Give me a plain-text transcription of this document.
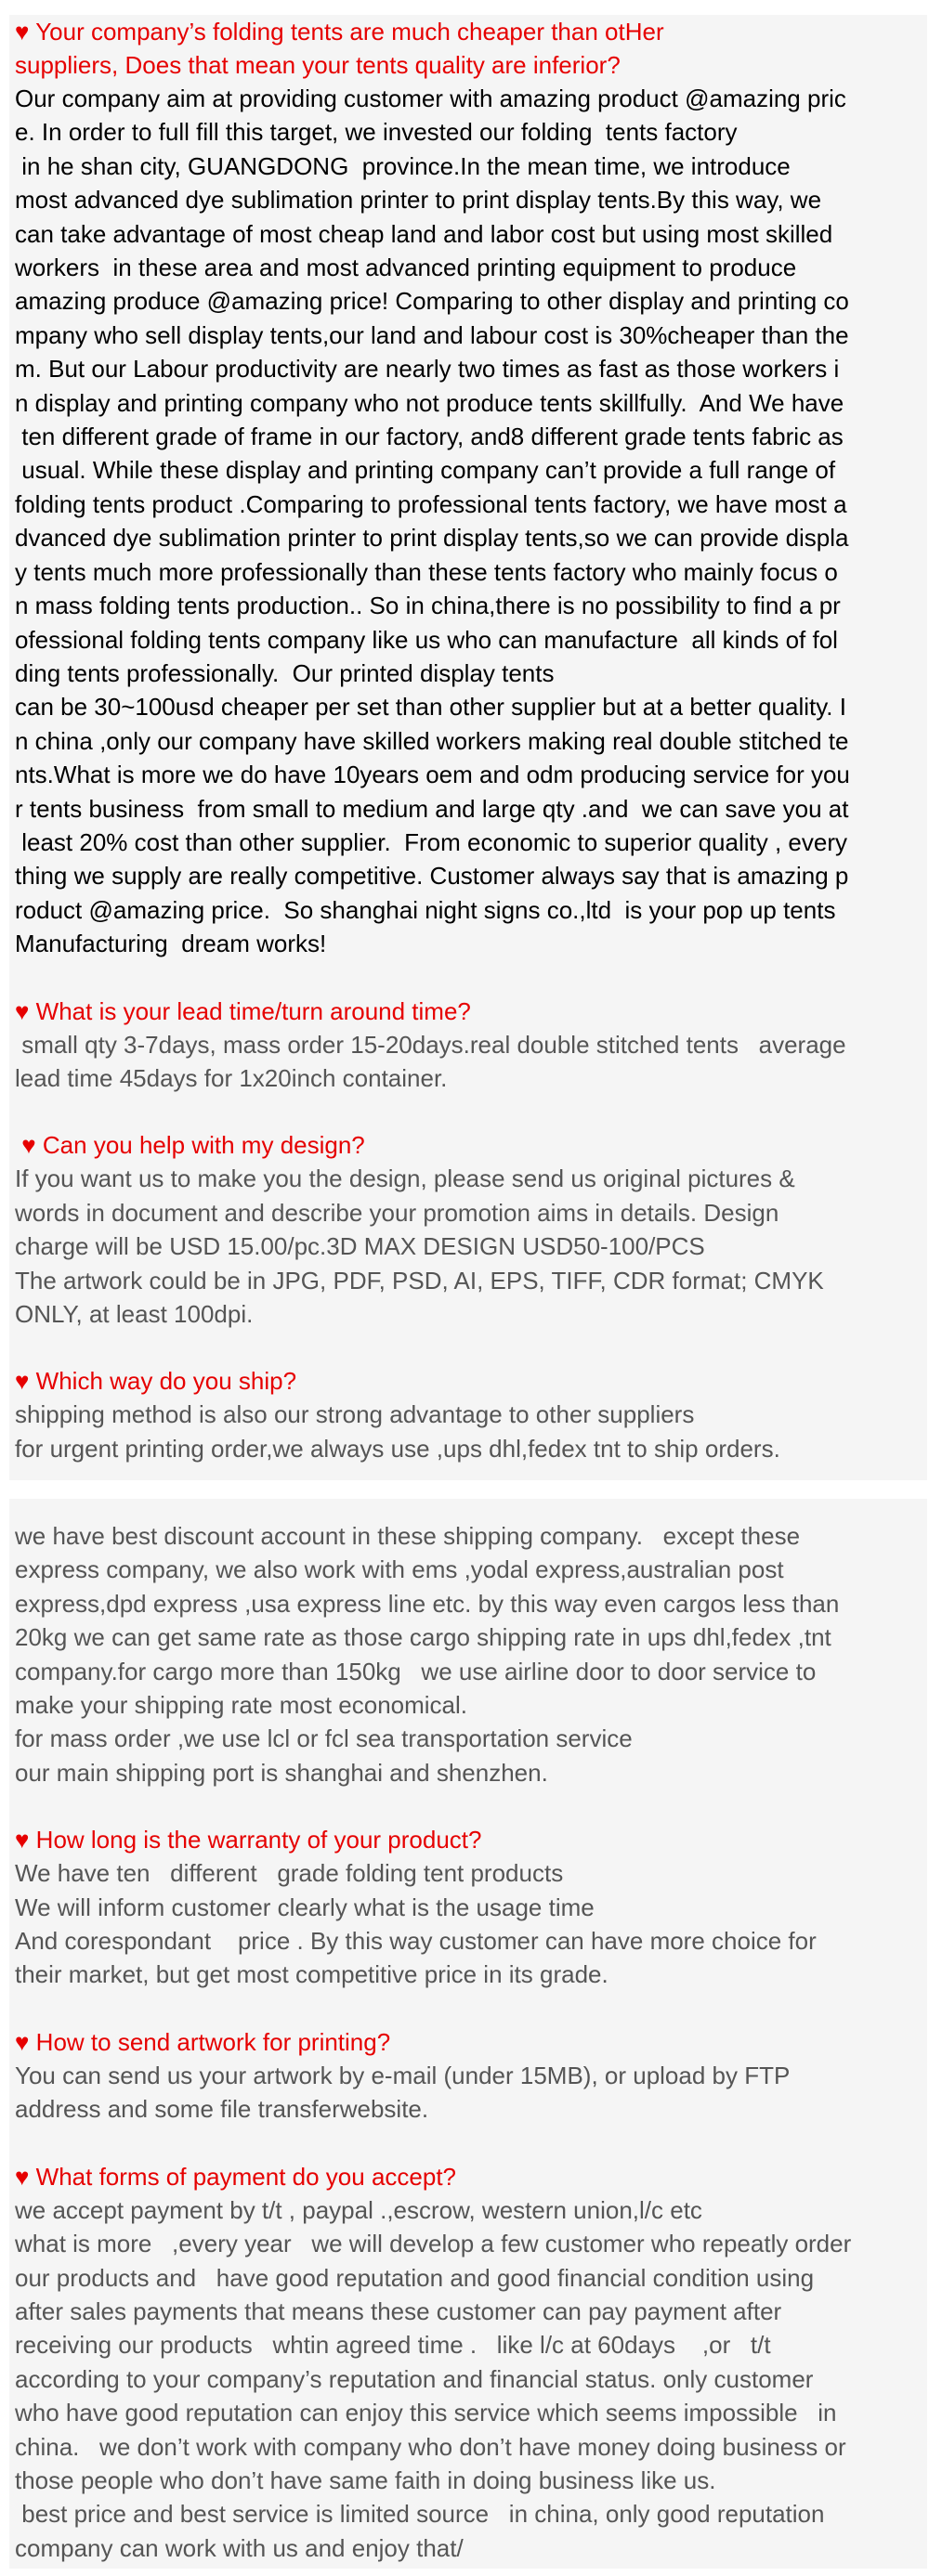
♥ Your company’s folding tents are much cheaper than otHer

suppliers, Does that mean your tents quality are inferior?

Our company aim at providing customer with amazing product @amazing pric

e. In order to full fill this target, we invested our folding  tents factory

in he shan city, GUANGDONG  province.In the mean time, we introduce

most advanced dye sublimation printer to print display tents.By this way, we

can take advantage of most cheap land and labor cost but using most skilled

workers  in these area and most advanced printing equipment to produce

amazing produce @amazing price! Comparing to other display and printing co

mpany who sell display tents,our land and labour cost is 30%cheaper than the

m. But our Labour productivity are nearly two times as fast as those workers i

n display and printing company who not produce tents skillfully.  And We have

ten different grade of frame in our factory, and8 different grade tents fabric as

usual. While these display and printing company can’t provide a full range of

folding tents product .Comparing to professional tents factory, we have most a

dvanced dye sublimation printer to print display tents,so we can provide displa

y tents much more professionally than these tents factory who mainly focus o

n mass folding tents production.. So in china,there is no possibility to find a pr

ofessional folding tents company like us who can manufacture  all kinds of fol

ding tents professionally.  Our printed display tents

can be 30~100usd cheaper per set than other supplier but at a better quality. I

n china ,only our company have skilled workers making real double stitched te

nts.What is more we do have 10years oem and odm producing service for you

r tents business  from small to medium and large qty .and  we can save you at

least 20% cost than other supplier.  From economic to superior quality , every

thing we supply are really competitive. Customer always say that is amazing p

roduct @amazing price.  So shanghai night signs co.,ltd  is your pop up tents

Manufacturing  dream works!

♥ What is your lead time/turn around time?

small qty 3-7days, mass order 15-20days.real double stitched tents   average

lead time 45days for 1x20inch container.

♥ Can you help with my design?

If you want us to make you the design, please send us original pictures &

words in document and describe your promotion aims in details. Design

charge will be USD 15.00/pc.3D MAX DESIGN USD50-100/PCS

The artwork could be in JPG, PDF, PSD, AI, EPS, TIFF, CDR format; CMYK

ONLY, at least 100dpi.

♥ Which way do you ship?

shipping method is also our strong advantage to other suppliers

for urgent printing order,we always use ,ups dhl,fedex tnt to ship orders.

we have best discount account in these shipping company.   except these

express company, we also work with ems ,yodal express,australian post

express,dpd express ,usa express line etc. by this way even cargos less than

20kg we can get same rate as those cargo shipping rate in ups dhl,fedex ,tnt

company.for cargo more than 150kg   we use airline door to door service to

make your shipping rate most economical.

for mass order ,we use lcl or fcl sea transportation service

our main shipping port is shanghai and shenzhen.

♥ How long is the warranty of your product?

We have ten   different   grade folding tent products

We will inform customer clearly what is the usage time

And corespondant    price . By this way customer can have more choice for

their market, but get most competitive price in its grade.

♥ How to send artwork for printing?

You can send us your artwork by e-mail (under 15MB), or upload by FTP

address and some file transferwebsite.

♥ What forms of payment do you accept?

we accept payment by t/t , paypal .,escrow, western union,l/c etc

what is more   ,every year   we will develop a few customer who repeatly order

our products and   have good reputation and good financial condition using

after sales payments that means these customer can pay payment after

receiving our products   whtin agreed time .   like l/c at 60days    ,or   t/t

according to your company’s reputation and financial status. only customer

who have good reputation can enjoy this service which seems impossible   in

china.   we don’t work with company who don’t have money doing business or

those people who don’t have same faith in doing business like us.

best price and best service is limited source   in china, only good reputation

company can work with us and enjoy that/
